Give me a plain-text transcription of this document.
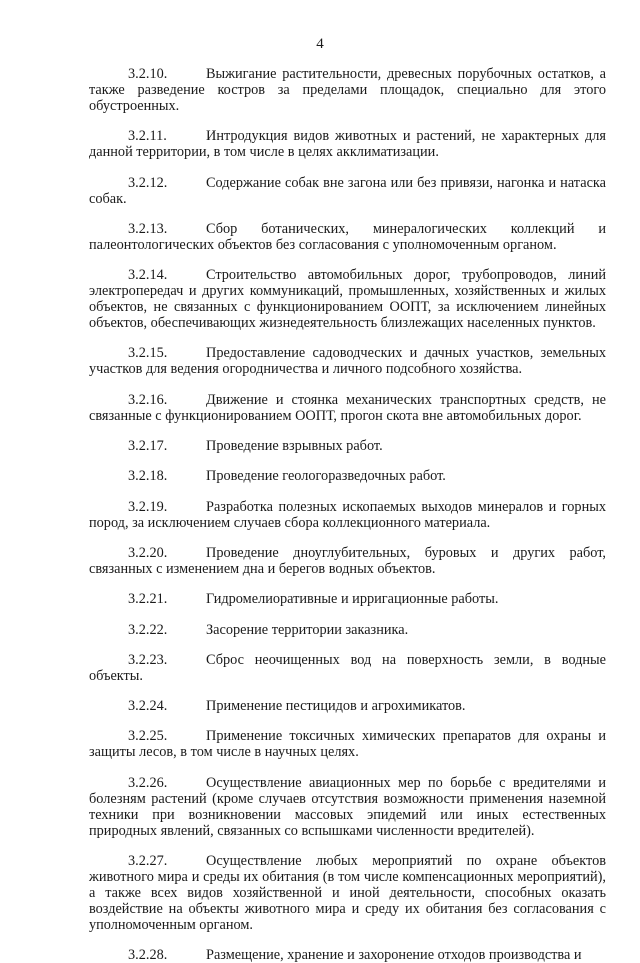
4

3.2.10.	Выжигание растительности, древесных порубочных остатков, а также разведение костров за пределами площадок, специально для этого обустроенных.

3.2.11.	Интродукция видов животных и растений, не характерных для данной территории, в том числе в целях акклиматизации.

3.2.12.	Содержание собак вне загона или без привязи, нагонка и натаска собак.

3.2.13.	Сбор ботанических, минералогических коллекций и палеонтологических объектов без согласования с уполномоченным органом.

3.2.14.	Строительство автомобильных дорог, трубопроводов, линий электропередач и других коммуникаций, промышленных, хозяйственных и жилых объектов, не связанных с функционированием ООПТ, за исключением линейных объектов, обеспечивающих жизнедеятельность близлежащих населенных пунктов.

3.2.15.	Предоставление садоводческих и дачных участков, земельных участков для ведения огородничества и личного подсобного хозяйства.

3.2.16.	Движение и стоянка механических транспортных средств, не связанные с функционированием ООПТ, прогон скота вне автомобильных дорог.

3.2.17.	Проведение взрывных работ.

3.2.18.	Проведение геологоразведочных работ.

3.2.19.	Разработка полезных ископаемых выходов минералов и горных пород, за исключением случаев сбора коллекционного материала.

3.2.20.	Проведение дноуглубительных, буровых и других работ, связанных с изменением дна и берегов водных объектов.

3.2.21.	Гидромелиоративные и ирригационные работы.

3.2.22.	Засорение территории заказника.

3.2.23.	Сброс неочищенных вод на поверхность земли, в водные объекты.

3.2.24.	Применение пестицидов и агрохимикатов.

3.2.25.	Применение токсичных химических препаратов для охраны и защиты лесов, в том числе в научных целях.

3.2.26.	Осуществление авиационных мер по борьбе с вредителями и болезням растений (кроме случаев отсутствия возможности применения наземной техники при возникновении массовых эпидемий или иных естественных природных явлений, связанных со вспышками численности вредителей).

3.2.27.	Осуществление любых мероприятий по охране объектов животного мира и среды их обитания (в том числе компенсационных мероприятий), а также всех видов хозяйственной и иной деятельности, способных оказать воздействие на объекты животного мира и среду их обитания без согласования с уполномоченным органом.

3.2.28.	Размещение, хранение и захоронение отходов производства и
